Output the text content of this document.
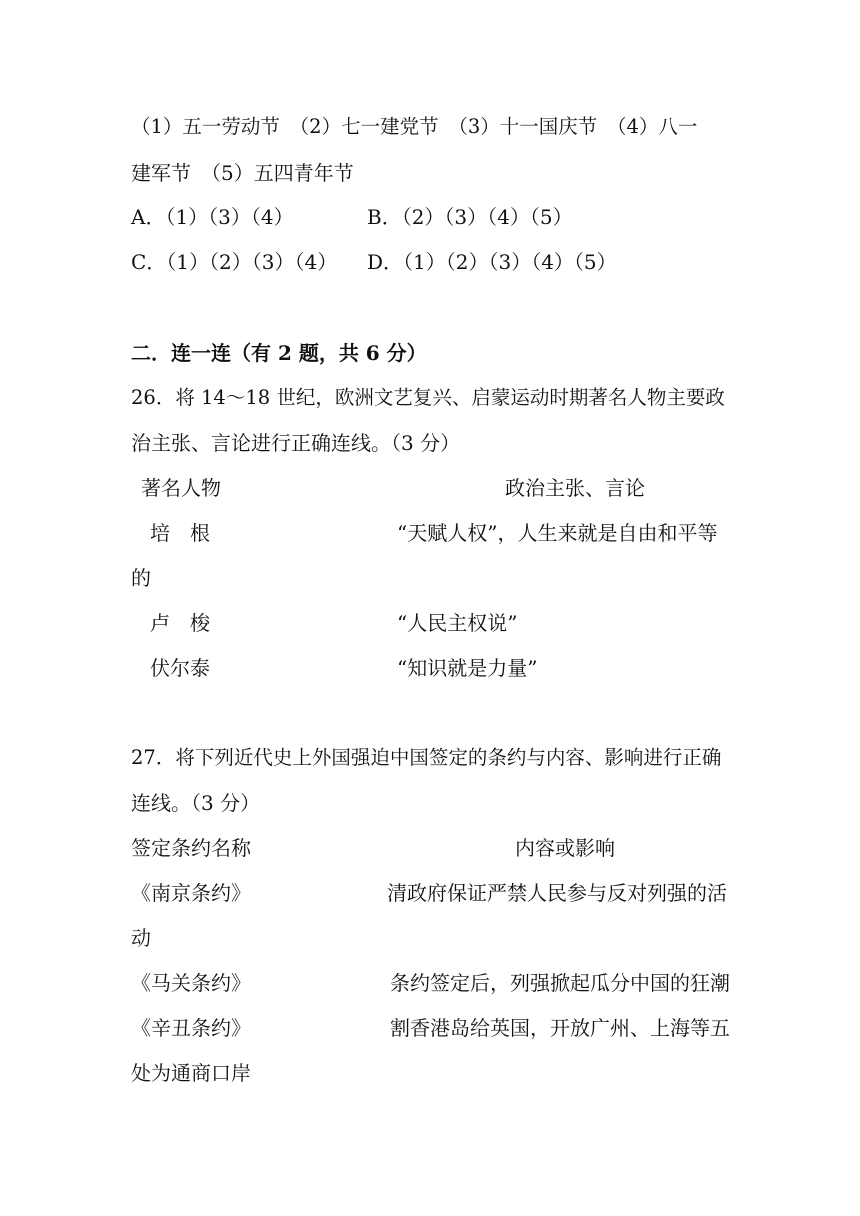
（1）五一劳动节　（2）七一建党节　（3）十一国庆节　（4）八一
建军节　（5）五四青年节
A．（1）（3）（4）	B．（2）（3）（4）（5）
C．（1）（2）（3）（4） D．（1）（2）（3）（4）（5）
二．连一连（有 2 题，共 6 分）
26．将 14～18 世纪，欧洲文艺复兴、启蒙运动时期著名人物主要政
治主张、言论进行正确连线。（3 分）
著名人物	政治主张、言论
培　根	“天赋人权”，人生来就是自由和平等
的
卢　梭	“人民主权说”
伏尔泰	“知识就是力量”
27．将下列近代史上外国强迫中国签定的条约与内容、影响进行正确
连线。（3 分）
签定条约名称	内容或影响
《南京条约》	清政府保证严禁人民参与反对列强的活
动
《马关条约》	条约签定后，列强掀起瓜分中国的狂潮
《辛丑条约》	割香港岛给英国，开放广州、上海等五
处为通商口岸
